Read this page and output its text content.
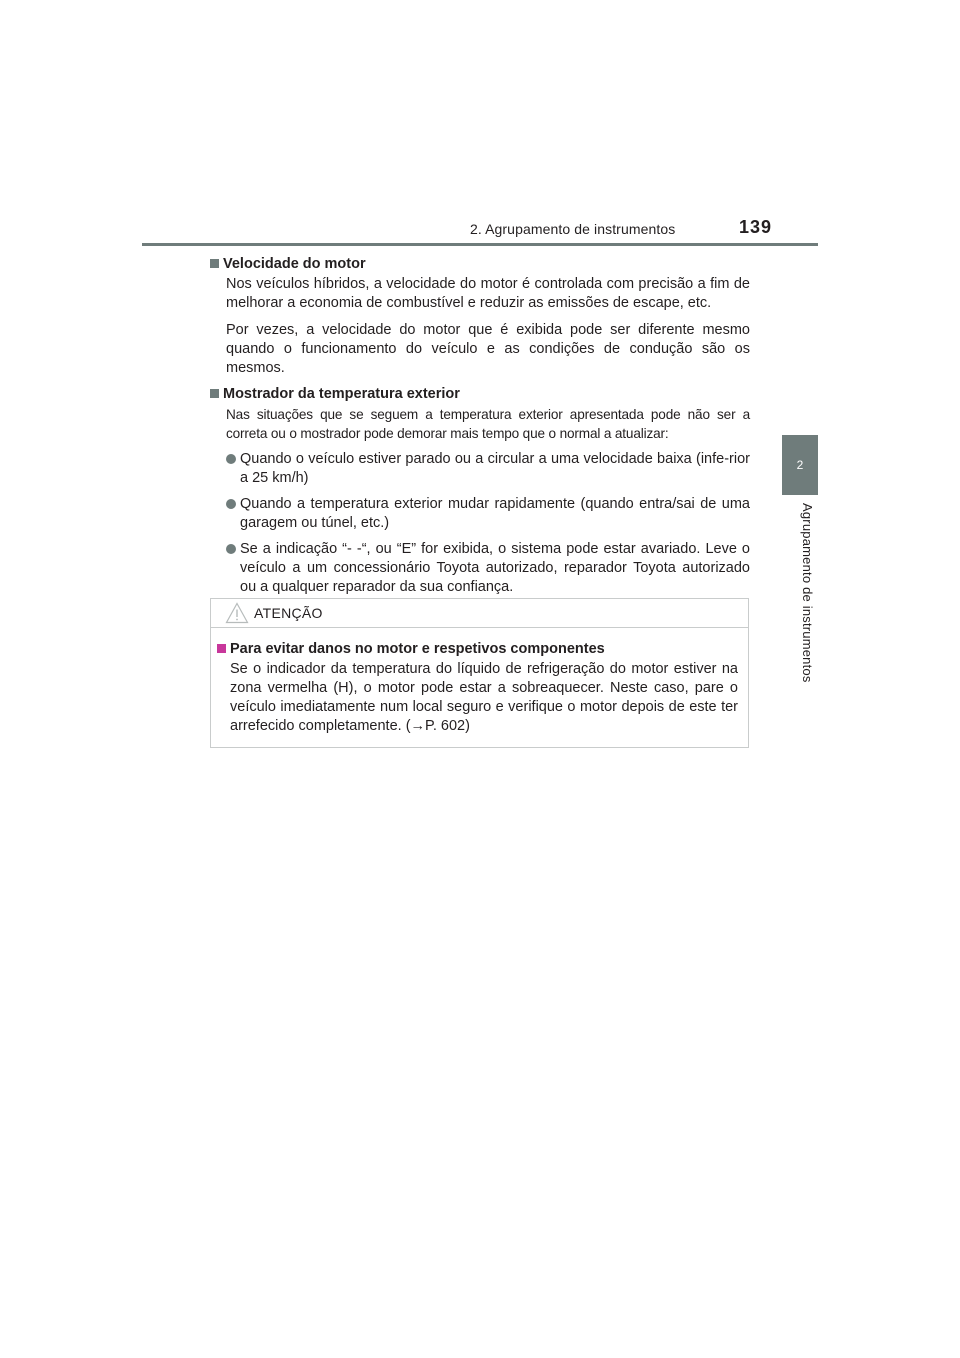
2. Agrupamento de instrumentos	139
2
Agrupamento de instrumentos

Velocidade do motor

Nos veículos híbridos, a velocidade do motor é controlada com precisão a fim de melhorar a economia de combustível e reduzir as emissões de escape, etc.

Por vezes, a velocidade do motor que é exibida pode ser diferente mesmo quando o funcionamento do veículo e as condições de condução são os mesmos.

Mostrador da temperatura exterior

Nas situações que se seguem a temperatura exterior apresentada pode não ser a correta ou o mostrador pode demorar mais tempo que o normal a atualizar:

Quando o veículo estiver parado ou a circular a uma velocidade baixa (infe-rior a 25 km/h)
Quando a temperatura exterior mudar rapidamente (quando entra/sai de uma garagem ou túnel, etc.)
Se a indicação “- -“, ou “E” for exibida, o sistema pode estar avariado. Leve o veículo a um concessionário Toyota autorizado, reparador Toyota autorizado ou a qualquer reparador da sua confiança.
ATENÇÃO

Para evitar danos no motor e respetivos componentes

Se o indicador da temperatura do líquido de refrigeração do motor estiver na zona vermelha (H), o motor pode estar a sobreaquecer. Neste caso, pare o veículo imediatamente num local seguro e verifique o motor depois de este ter arrefecido completamente. (→P. 602)
